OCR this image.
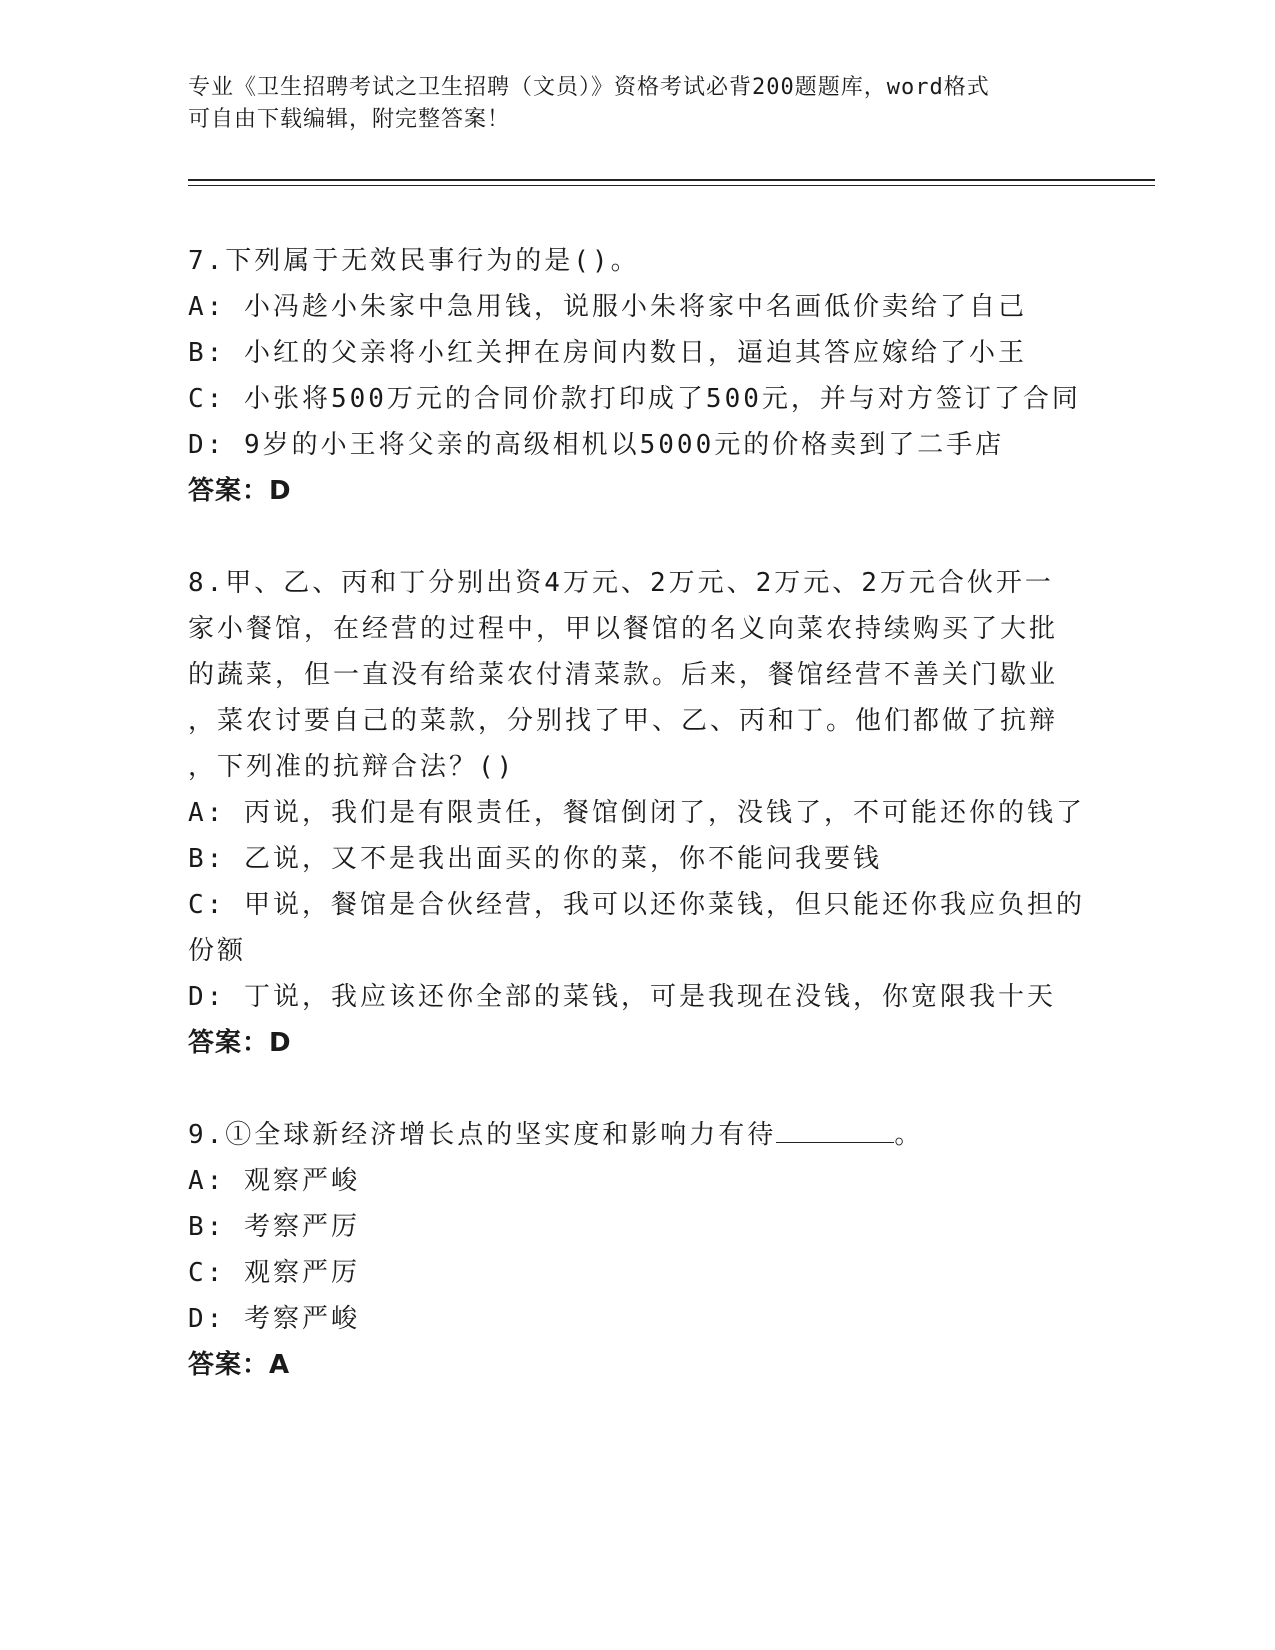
专业《卫生招聘考试之卫生招聘（文员）》资格考试必背200题题库，word格式
可自由下载编辑，附完整答案！

7.下列属于无效民事行为的是()。

A: 小冯趁小朱家中急用钱，说服小朱将家中名画低价卖给了自己

B: 小红的父亲将小红关押在房间内数日，逼迫其答应嫁给了小王

C: 小张将500万元的合同价款打印成了500元，并与对方签订了合同

D: 9岁的小王将父亲的高级相机以5000元的价格卖到了二手店

答案：D

8.甲、乙、丙和丁分别出资4万元、2万元、2万元、2万元合伙开一

家小餐馆，在经营的过程中，甲以餐馆的名义向菜农持续购买了大批

的蔬菜，但一直没有给菜农付清菜款。后来，餐馆经营不善关门歇业

，菜农讨要自己的菜款，分别找了甲、乙、丙和丁。他们都做了抗辩

，下列准的抗辩合法？()

A: 丙说，我们是有限责任，餐馆倒闭了，没钱了，不可能还你的钱了

B: 乙说，又不是我出面买的你的菜，你不能问我要钱

C: 甲说，餐馆是合伙经营，我可以还你菜钱，但只能还你我应负担的

份额

D: 丁说，我应该还你全部的菜钱，可是我现在没钱，你宽限我十天

答案：D

9.①全球新经济增长点的坚实度和影响力有待	。

A: 观察严峻

B: 考察严厉

C: 观察严厉

D: 考察严峻

答案：A
